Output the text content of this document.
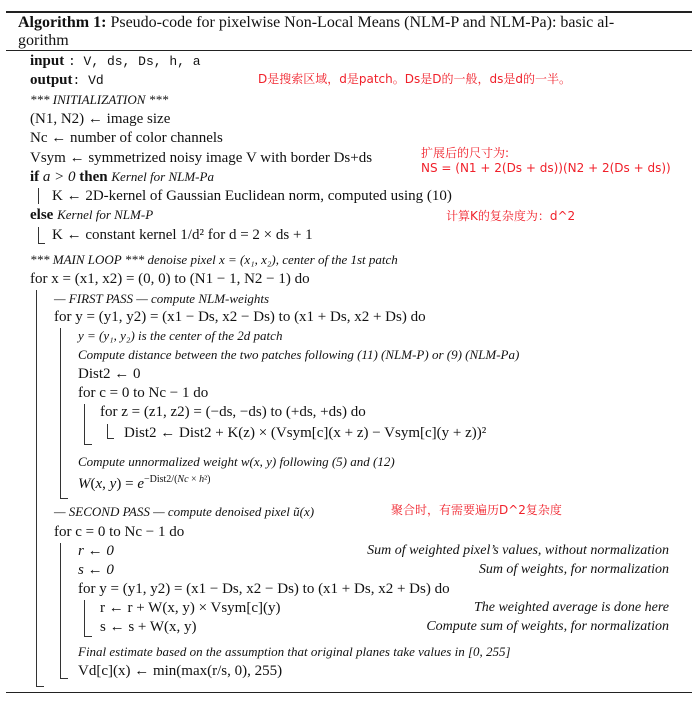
Algorithm 1: Pseudo-code for pixelwise Non-Local Means (NLM-P and NLM-Pa): basic al-
gorithm
input : V, ds, Ds, h, a
output: Vd
*** INITIALIZATION ***
(N1, N2) ← image size
Nc ← number of color channels
Vsym ← symmetrized noisy image V with border Ds+ds
if a > 0 then Kernel for NLM-Pa
K ← 2D-kernel of Gaussian Euclidean norm, computed using (10)
else Kernel for NLM-P
K ← constant kernel 1/d² for d = 2 × ds + 1
*** MAIN LOOP *** denoise pixel x = (x₁, x₂), center of the 1st patch
for x = (x1, x2) = (0, 0) to (N1 − 1, N2 − 1) do
— FIRST PASS — compute NLM-weights
for y = (y1, y2) = (x1 − Ds, x2 − Ds) to (x1 + Ds, x2 + Ds) do
y = (y₁, y₂) is the center of the 2d patch
Compute distance between the two patches following (11) (NLM-P) or (9) (NLM-Pa)
Dist2 ← 0
for c = 0 to Nc − 1 do
for z = (z1, z2) = (−ds, −ds) to (+ds, +ds) do
Dist2 ← Dist2 + K(z) × (Vsym[c](x + z) − Vsym[c](y + z))²
Compute unnormalized weight w(x, y) following (5) and (12)
W(x, $y) = e^{-Dist2/(Nc \times h^2)}$
— SECOND PASS — compute denoised pixel ũ(x)
for c = 0 to Nc − 1 do
r ← 0	Sum of weighted pixel’s values, without normalization
s ← 0	Sum of weights, for normalization
for y = (y1, y2) = (x1 − Ds, x2 − Ds) to (x1 + Ds, x2 + Ds) do
r ← r + W(x, y) × Vsym[c](y)	The weighted average is done here
s ← s + W(x, y)	Compute sum of weights, for normalization
Final estimate based on the assumption that original planes take values in [0, 255]
Vd[c](x) ← min(max(r/s, 0), 255)
D是搜索区域，d是patch。Ds是D的一般，ds是d的一半。
扩展后的尺寸为:
NS = (N1 + 2(Ds + ds))(N2 + 2(Ds + ds))
计算K的复杂度为：d^2
聚合时，有需要遍历D^2复杂度
